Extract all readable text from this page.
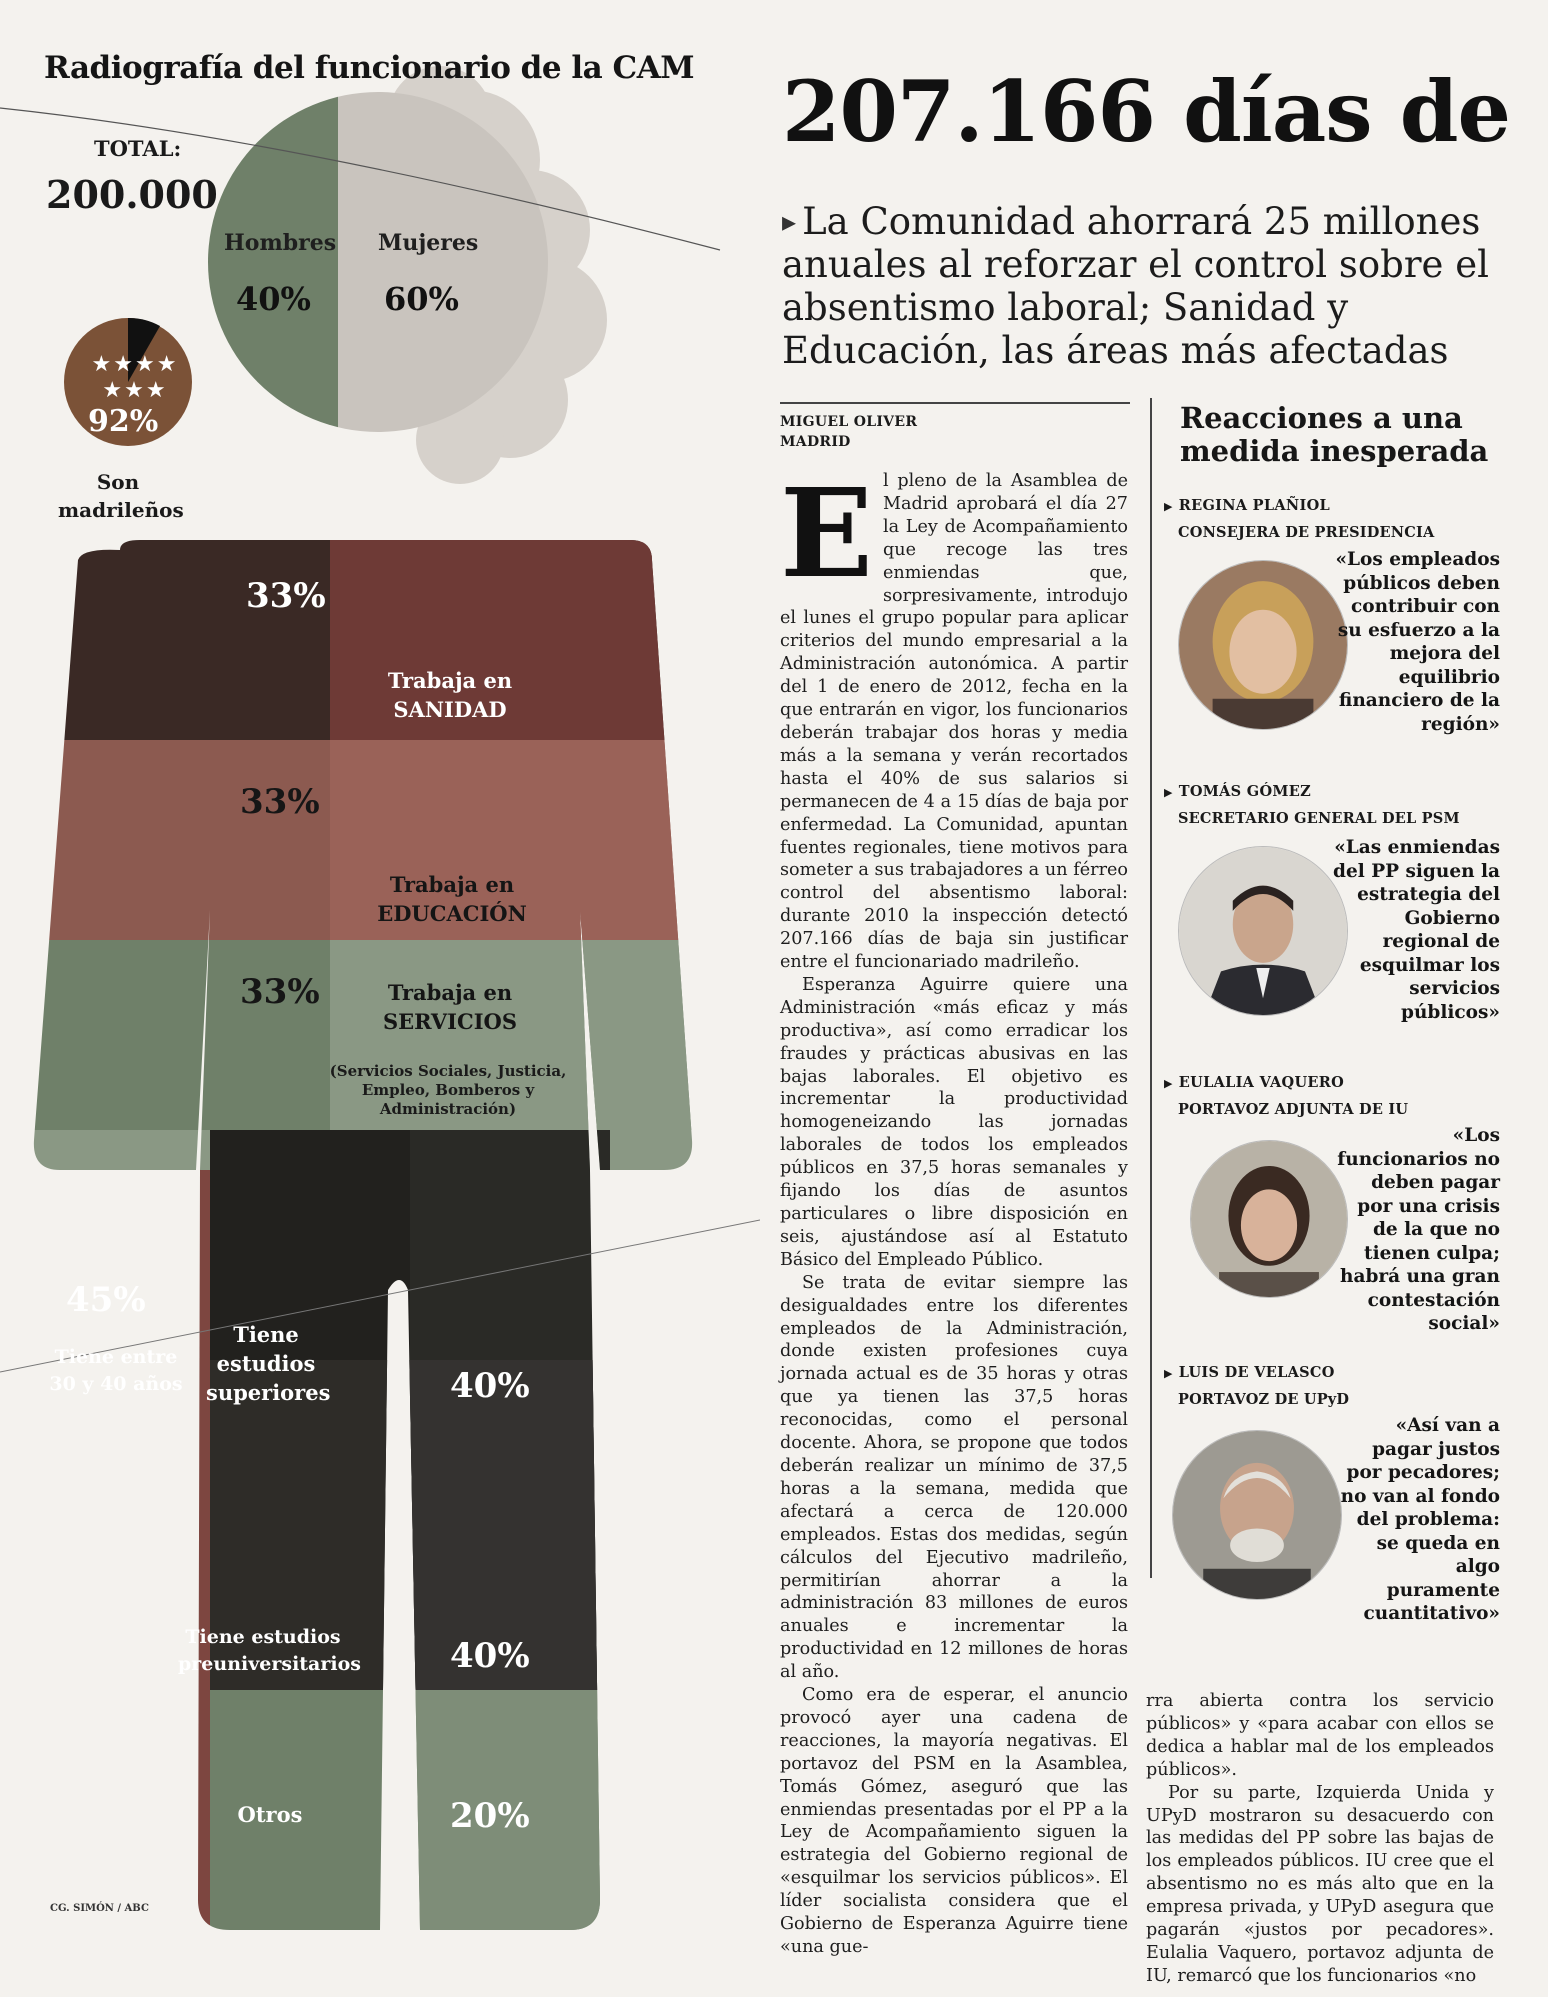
Radiografía del funcionario de la CAM
TOTAL:
200.000
Hombres
40%
Mujeres
60%
★★★★ ★★★
92%
Son madrileños
33%
Trabaja en
SANIDAD
33%
Trabaja en
EDUCACIÓN
33%	Trabaja en
SERVICIOS
(Servicios Sociales, Justicia, Empleo, Bomberos y Administración)
45%
Tiene entre
30 y 40 años
Tiene estudios superiores	40%
Tiene estudios preuniversitarios	40%
Otros	20%
CG. SIMÓN / ABC
207.166 días de
▸ La Comunidad ahorrará 25 millones anuales al reforzar el control sobre el absentismo laboral; Sanidad y Educación, las áreas más afectadas
MIGUEL OLIVER
MADRID

El pleno de la Asamblea de Madrid aprobará el día 27 la Ley de Acompañamiento que recoge las tres enmiendas que, sorpresivamente, introdujo el lunes el grupo popular para aplicar criterios del mundo empresarial a la Administración autonómica. A partir del 1 de enero de 2012, fecha en la que entrarán en vigor, los funcionarios deberán trabajar dos horas y media más a la semana y verán recortados hasta el 40% de sus salarios si permanecen de 4 a 15 días de baja por enfermedad. La Comunidad, apuntan fuentes regionales, tiene motivos para someter a sus trabajadores a un férreo control del absentismo laboral: durante 2010 la inspección detectó 207.166 días de baja sin justificar entre el funcionariado madrileño.

Esperanza Aguirre quiere una Administración «más eficaz y más productiva», así como erradicar los fraudes y prácticas abusivas en las bajas laborales. El objetivo es incrementar la productividad homogeneizando las jornadas laborales de todos los empleados públicos en 37,5 horas semanales y fijando los días de asuntos particulares o libre disposición en seis, ajustándose así al Estatuto Básico del Empleado Público.

Se trata de evitar siempre las desigualdades entre los diferentes empleados de la Administración, donde existen profesiones cuya jornada actual es de 35 horas y otras que ya tienen las 37,5 horas reconocidas, como el personal docente. Ahora, se propone que todos deberán realizar un mínimo de 37,5 horas a la semana, medida que afectará a cerca de 120.000 empleados. Estas dos medidas, según cálculos del Ejecutivo madrileño, permitirían ahorrar a la administración 83 millones de euros anuales e incrementar la productividad en 12 millones de horas al año.

Como era de esperar, el anuncio provocó ayer una cadena de reacciones, la mayoría negativas. El portavoz del PSM en la Asamblea, Tomás Gómez, aseguró que las enmiendas presentadas por el PP a la Ley de Acompañamiento siguen la estrategia del Gobierno regional de «esquilmar los servicios públicos». El líder socialista considera que el Gobierno de Esperanza Aguirre tiene «una gue-

rra abierta contra los servicio públicos» y «para acabar con ellos se dedica a hablar mal de los empleados públicos».

Por su parte, Izquierda Unida y UPyD mostraron su desacuerdo con las medidas del PP sobre las bajas de los empleados públicos. IU cree que el absentismo no es más alto que en la empresa privada, y UPyD asegura que pagarán «justos por pecadores». Eulalia Vaquero, portavoz adjunta de IU, remarcó que los funcionarios «no

Reacciones a una medida inesperada
▶ REGINA PLAÑIOL
CONSEJERA DE PRESIDENCIA
«Los empleados públicos deben contribuir con su esfuerzo a la mejora del equilibrio financiero de la región»
▶ TOMÁS GÓMEZ
SECRETARIO GENERAL DEL PSM
«Las enmiendas del PP siguen la estrategia del Gobierno regional de esquilmar los servicios públicos»
▶ EULALIA VAQUERO
PORTAVOZ ADJUNTA DE IU
«Los funcionarios no deben pagar por una crisis de la que no tienen culpa; habrá una gran contestación social»
▶ LUIS DE VELASCO
PORTAVOZ DE UPyD
«Así van a pagar justos por pecadores; no van al fondo del problema: se queda en algo puramente cuantitativo»
